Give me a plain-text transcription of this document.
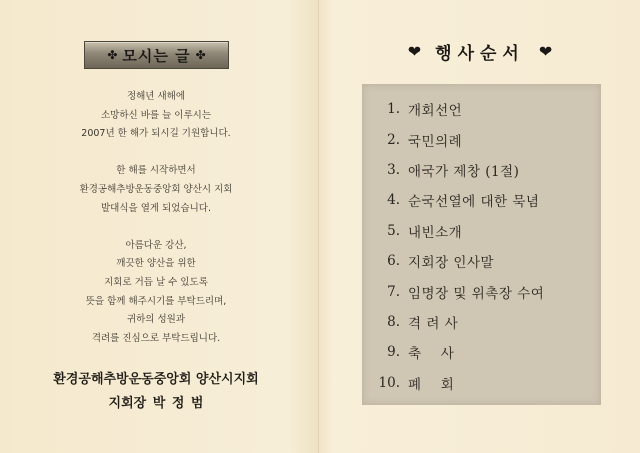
✤ 모시는 글 ✤
정해년 새해에
소망하신 바를 늘 이루시는
2007년 한 해가 되시길 기원합니다.
한 해를 시작하면서
환경공해추방운동중앙회 양산시 지회
발대식을 열게 되었습니다.
아름다운 강산,
깨끗한 양산을 위한
지회로 거듭 날 수 있도록
뜻을 함께 해주시기를 부탁드리며,
귀하의 성원과
격려를 진심으로 부탁드립니다.
환경공해추방운동중앙회 양산시지회
지회장 박 정 범
❤ 행사순서 ❤
1. 개회선언
2. 국민의례
3. 애국가 제창 (1절)
4. 순국선열에 대한 묵념
5. 내빈소개
6. 지회장 인사말
7. 임명장 및 위촉장 수여
8. 격 려 사
9. 축    사
10. 폐    회
